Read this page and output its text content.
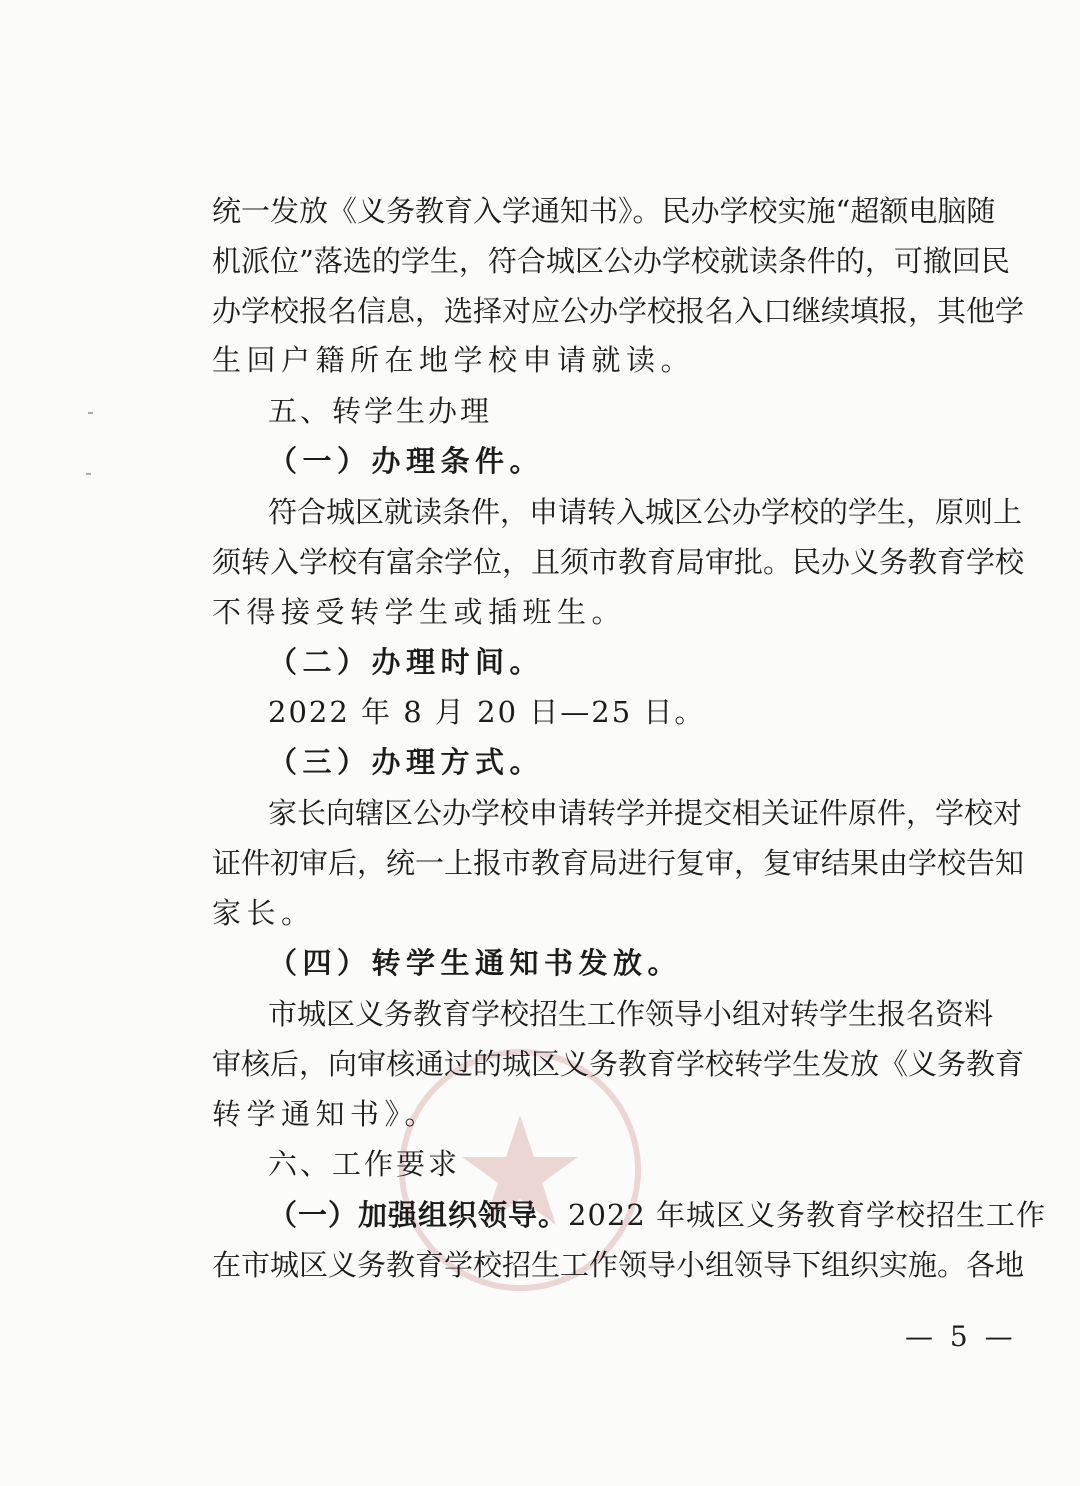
统一发放《义务教育入学通知书》。民办学校实施“超额电脑随
机派位”落选的学生，符合城区公办学校就读条件的，可撤回民
办学校报名信息，选择对应公办学校报名入口继续填报，其他学
生回户籍所在地学校申请就读。
五、转学生办理
（一）办理条件。
符合城区就读条件，申请转入城区公办学校的学生，原则上
须转入学校有富余学位，且须市教育局审批。民办义务教育学校
不得接受转学生或插班生。
（二）办理时间。
2022 年 8 月 20 日—25 日。
（三）办理方式。
家长向辖区公办学校申请转学并提交相关证件原件，学校对
证件初审后，统一上报市教育局进行复审，复审结果由学校告知
家长。
（四）转学生通知书发放。
市城区义务教育学校招生工作领导小组对转学生报名资料
审核后，向审核通过的城区义务教育学校转学生发放《义务教育
转学通知书》。
六、工作要求
（一）加强组织领导。2022 年城区义务教育学校招生工作
在市城区义务教育学校招生工作领导小组领导下组织实施。各地
— 5 —
